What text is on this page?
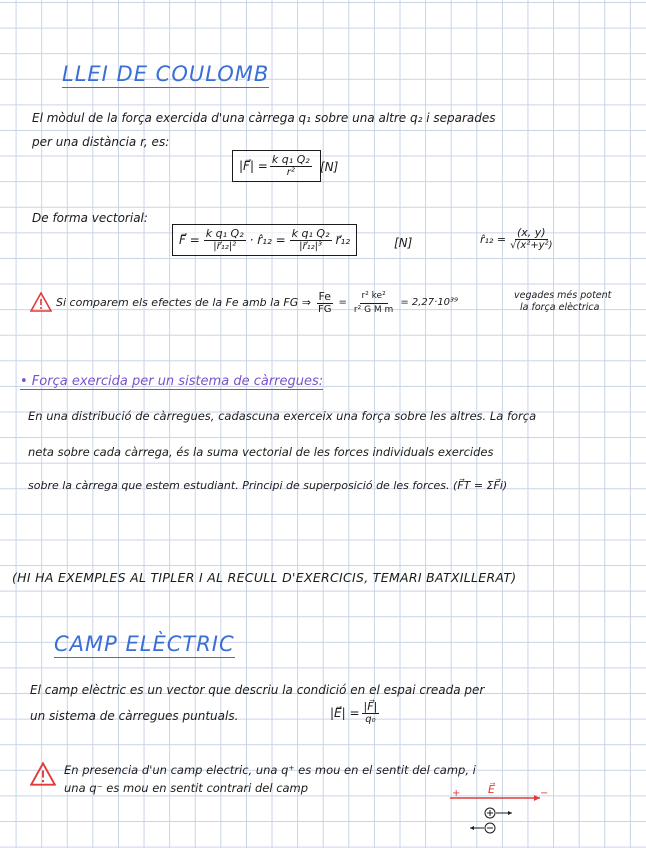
LLEI DE COULOMB
El mòdul de la força exercida d'una càrrega q₁ sobre una altre q₂ i separades
per una distància r, es:
|F⃗| = $\frac{\text{k q₁ Q₂}}{\text{r²}} [N]$
De forma vectorial:
F⃗ = $\frac{\text{k q₁ Q₂}}{\text{|r⃗₁₂|²}}$ · r̂₁₂ = $\frac{\text{k q₁ Q₂}}{\text{|r⃗₁₂|³}}$ r⃗₁₂	[N]	r̂₁₂ = $\frac{(x, y)}{\text{√(x²+y²)}}$
Si comparem els efectes de la Fe amb la FG ⇒ $\frac{Fe}{FG} = \frac{\text{r² ke²}}{\text{r² G M m}} = 2,27\cdot 10^{39}$
vegades més potent
la força elèctrica
• Força exercida per un sistema de càrregues:
En una distribució de càrregues, cadascuna exerceix una força sobre les altres. La força
neta sobre cada càrrega, és la suma vectorial de les forces individuals exercides
sobre la càrrega que estem estudiant. Principi de superposició de les forces. (F⃗T = ΣF⃗i)
(HI HA EXEMPLES AL TIPLER I AL RECULL D'EXERCICIS, TEMARI BATXILLERAT)
CAMP ELÈCTRIC
El camp elèctric es un vector que descriu la condició en el espai creada per
un sistema de càrregues puntuals.	|E⃗| = $\frac{|F⃗|}{\text{q₀}}$
En presencia d'un camp electric, una q⁺ es mou en el sentit del camp, i
una q⁻ es mou en sentit contrari del camp	+	−
E⃗
